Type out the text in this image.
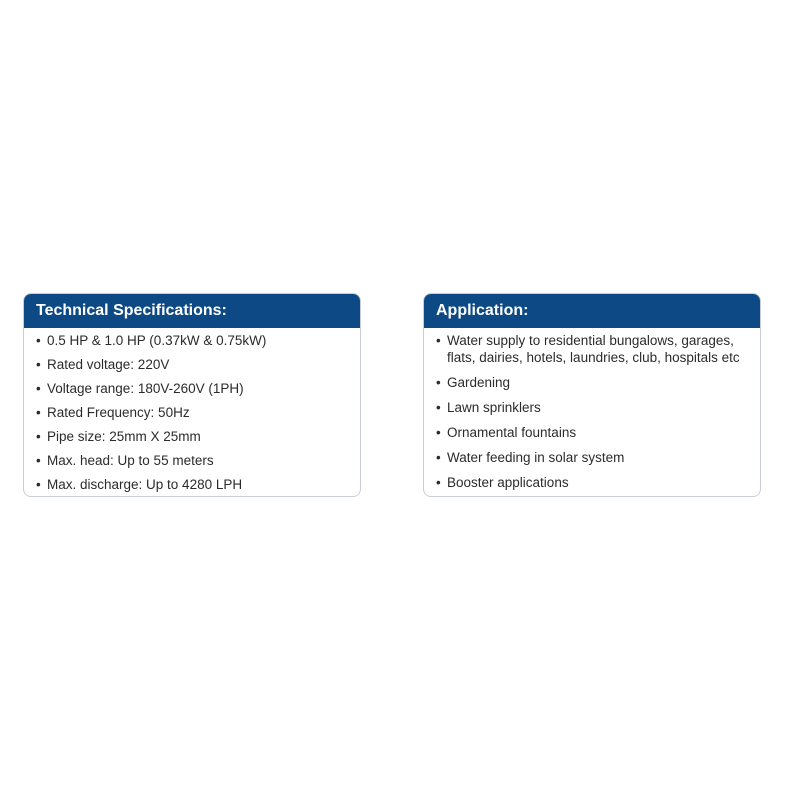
Technical Specifications:
• 0.5 HP & 1.0 HP (0.37kW & 0.75kW)
• Rated voltage: 220V
• Voltage range: 180V-260V (1PH)
• Rated Frequency: 50Hz
• Pipe size: 25mm X 25mm
• Max. head: Up to 55 meters
• Max. discharge: Up to 4280 LPH
Application:
• Water supply to residential bungalows, garages, flats, dairies, hotels, laundries, club, hospitals etc
• Gardening
• Lawn sprinklers
• Ornamental fountains
• Water feeding in solar system
• Booster applications
